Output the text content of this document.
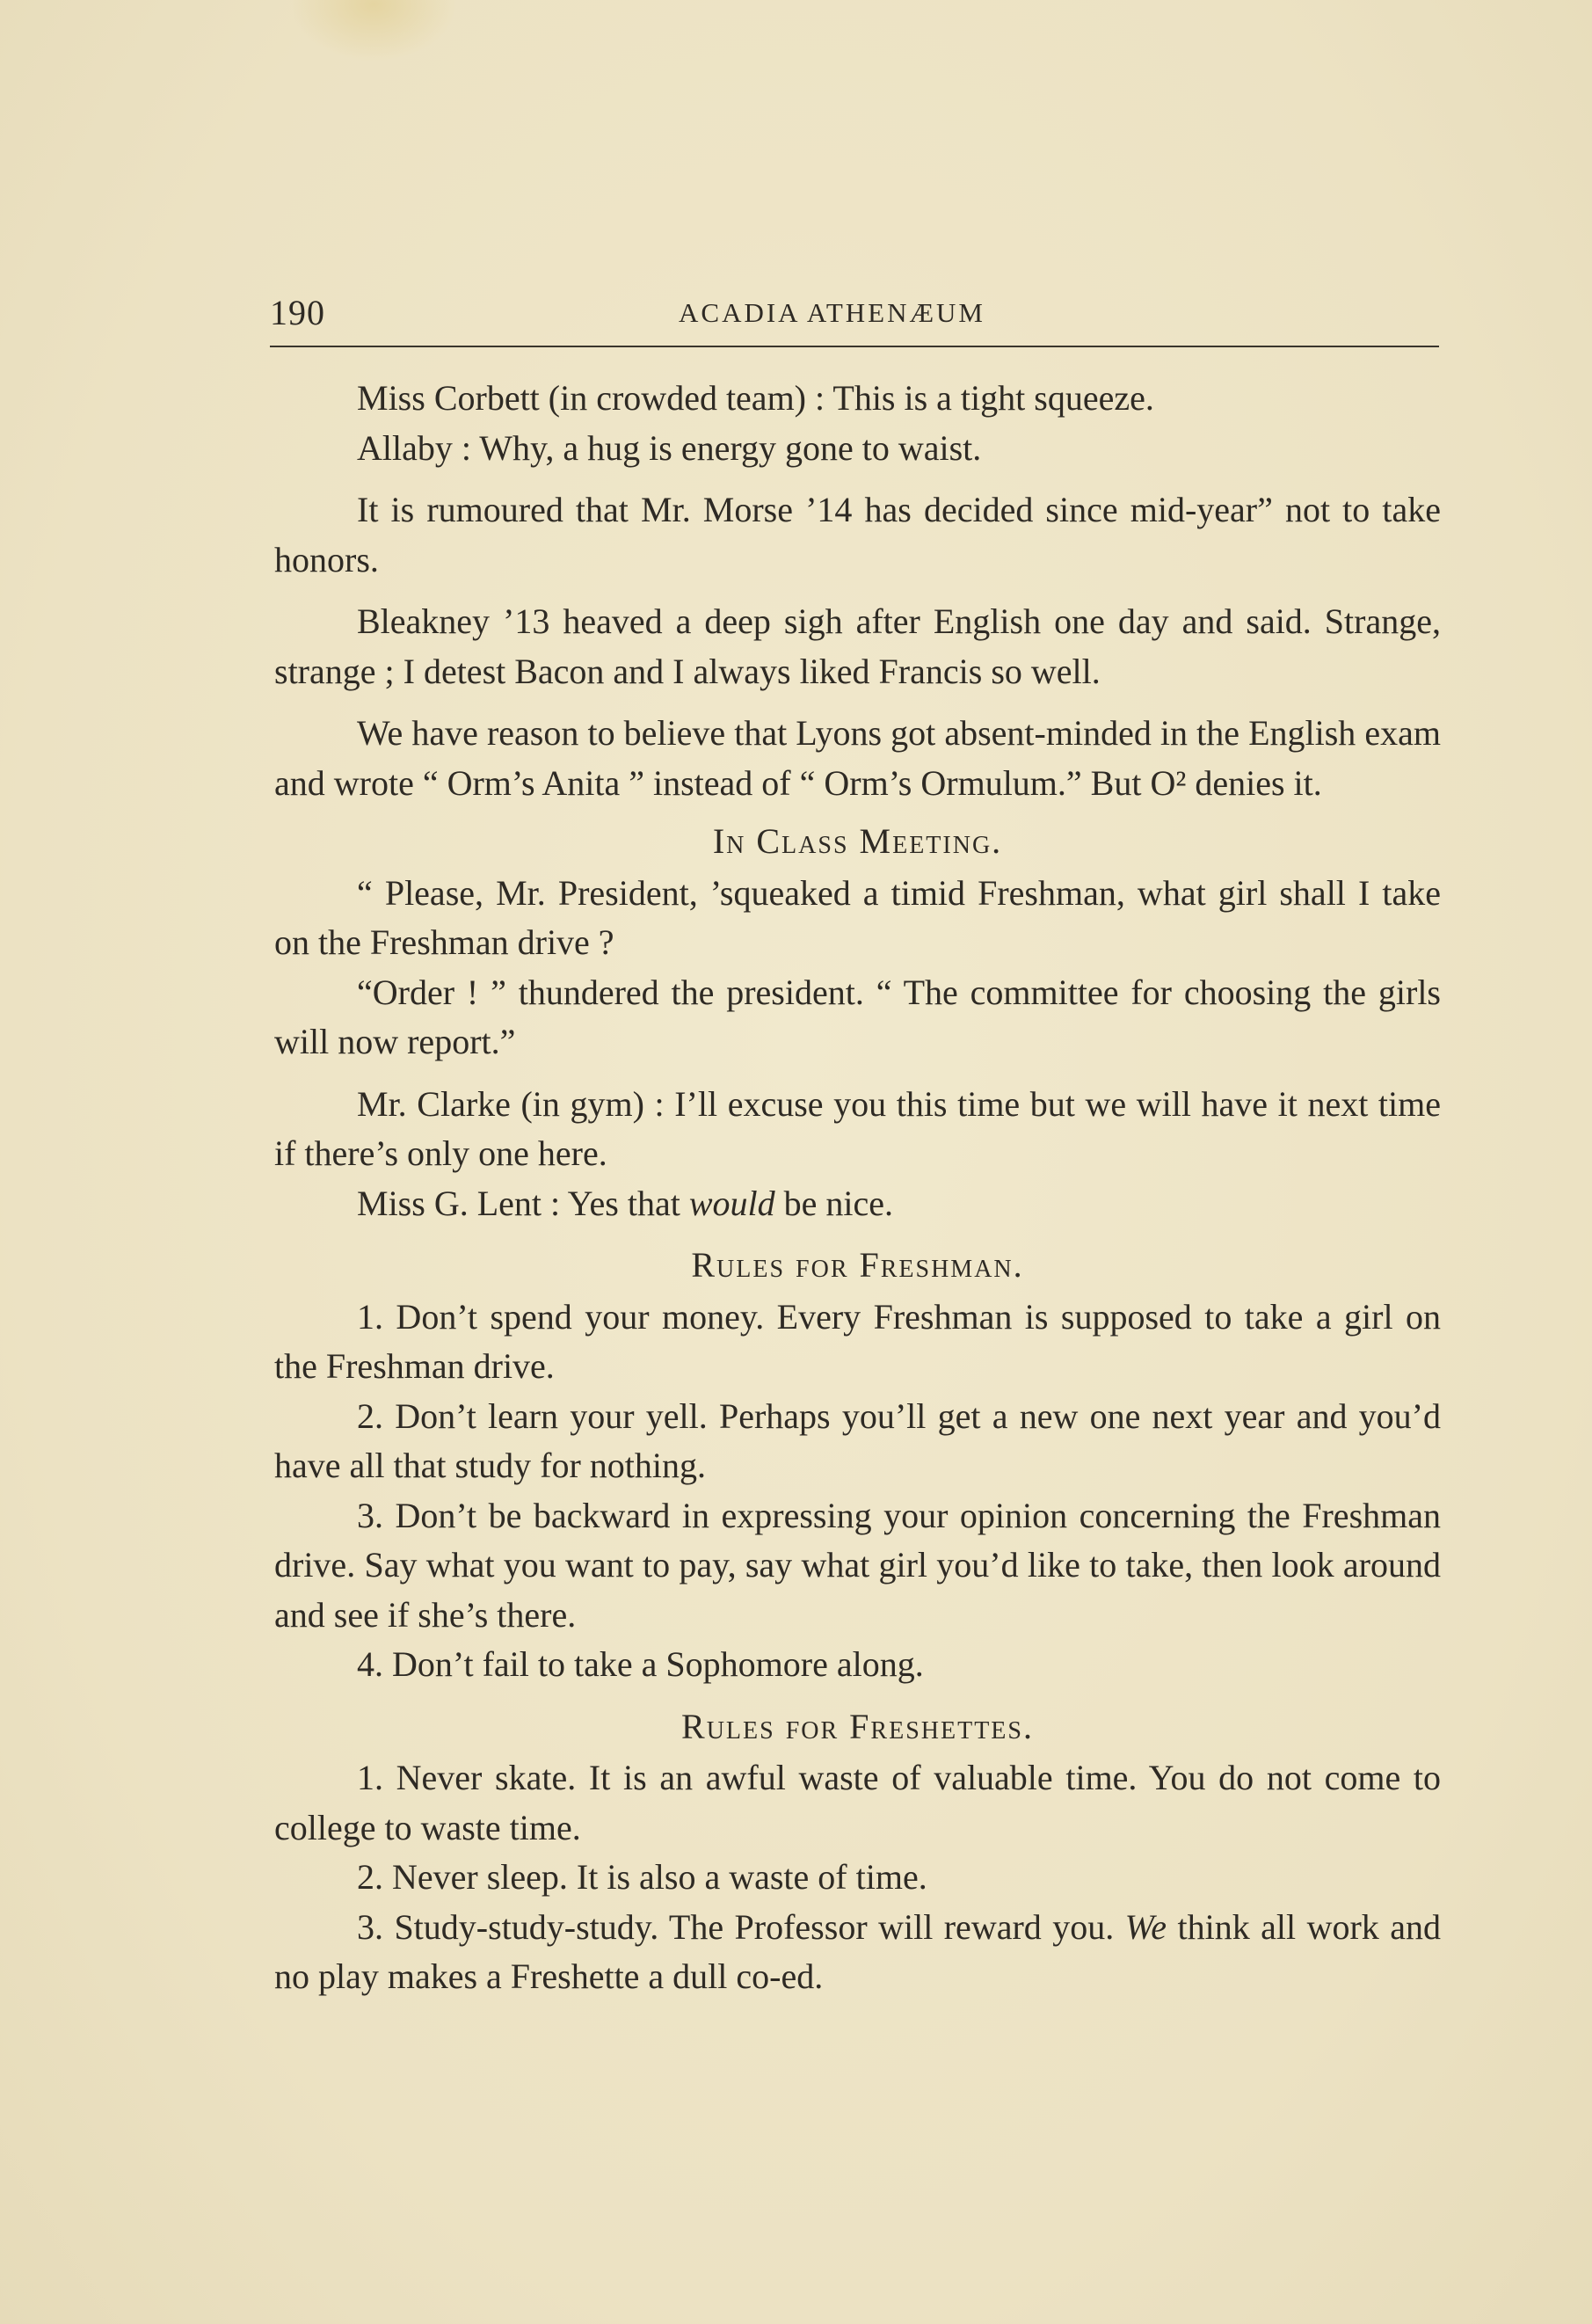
190	ACADIA ATHENÆUM

Miss Corbett (in crowded team) : This is a tight squeeze.

Allaby : Why, a hug is energy gone to waist.

It is rumoured that Mr. Morse ’14 has decided since mid-year” not to take honors.

Bleakney ’13 heaved a deep sigh after English one day and said. Strange, strange ; I detest Bacon and I always liked Francis so well.

We have reason to believe that Lyons got absent-minded in the English exam and wrote “ Orm’s Anita ” instead of “ Orm’s Ormulum.” But O² denies it.

In Class Meeting.

“ Please, Mr. President, ’squeaked a timid Freshman, what girl shall I take on the Freshman drive ?

“Order ! ” thundered the president. “ The committee for choosing the girls will now report.”

Mr. Clarke (in gym) : I’ll excuse you this time but we will have it next time if there’s only one here.

Miss G. Lent : Yes that would be nice.

Rules for Freshman.

1. Don’t spend your money. Every Freshman is supposed to take a girl on the Freshman drive.

2. Don’t learn your yell. Perhaps you’ll get a new one next year and you’d have all that study for nothing.

3. Don’t be backward in expressing your opinion concerning the Freshman drive. Say what you want to pay, say what girl you’d like to take, then look around and see if she’s there.

4. Don’t fail to take a Sophomore along.

Rules for Freshettes.

1. Never skate. It is an awful waste of valuable time. You do not come to college to waste time.

2. Never sleep. It is also a waste of time.

3. Study-study-study. The Professor will reward you. We think all work and no play makes a Freshette a dull co-ed.
